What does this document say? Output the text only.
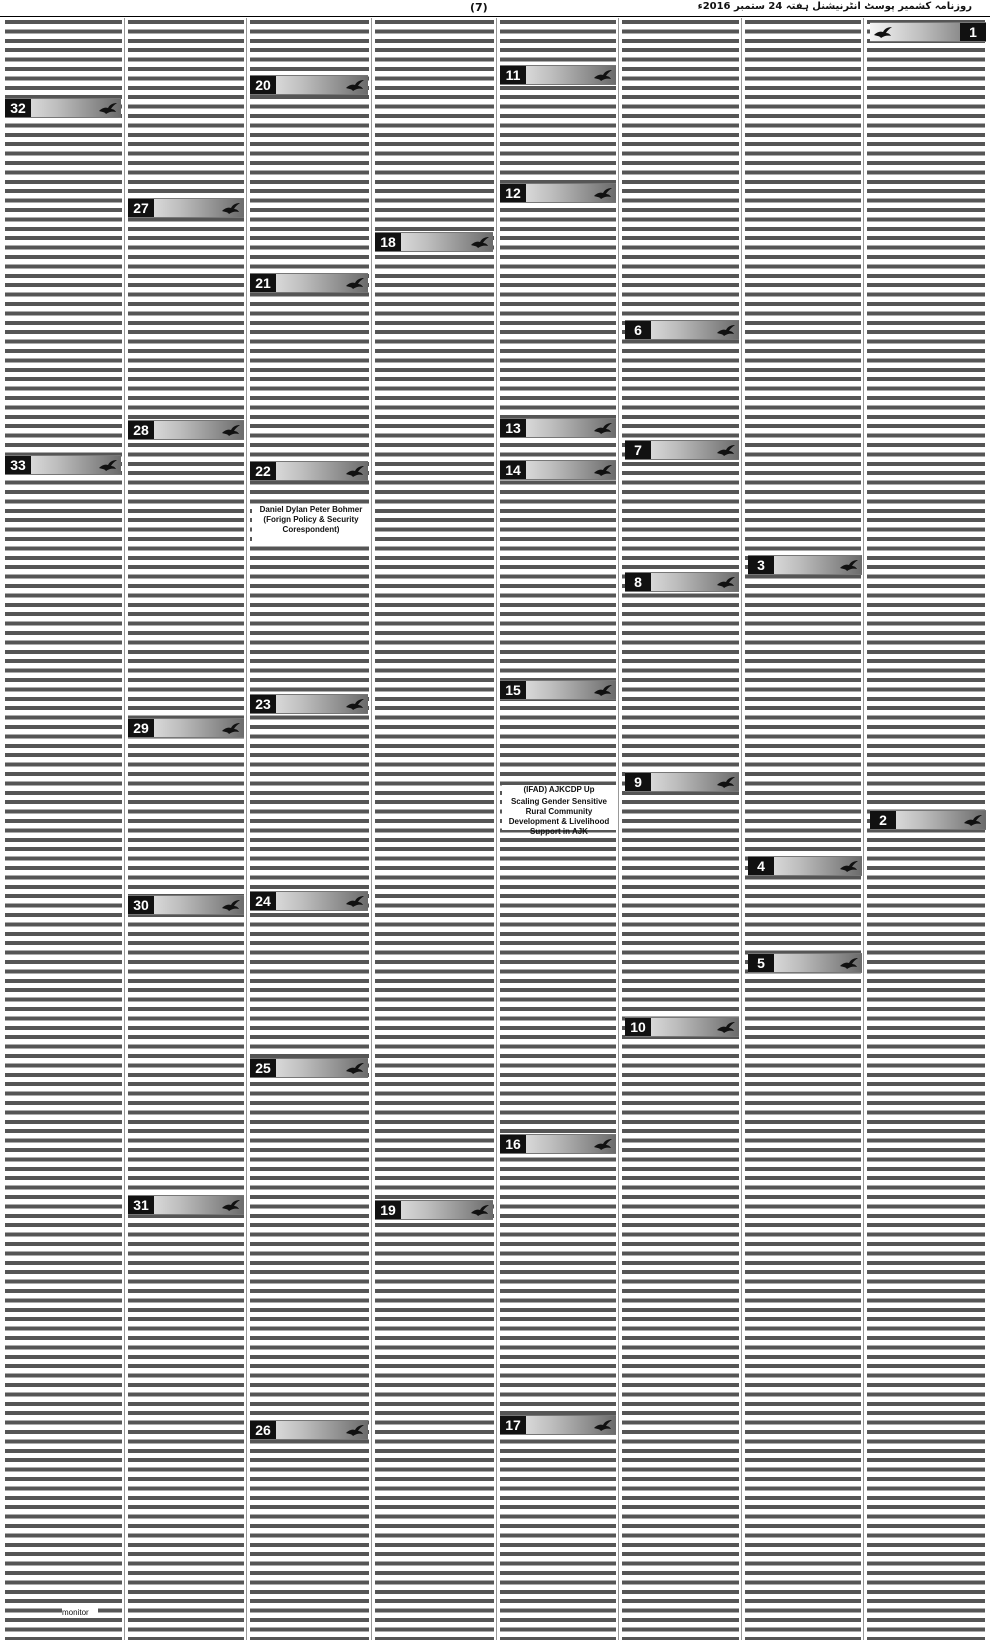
(7)	روزنامہ کشمیر پوسٹ انٹرنیشنل ہفتہ 24 ستمبر 2016ء
Daniel Dylan Peter Bohmer (Forign Policy & Security Corespondent)
(IFAD) AJKCDP Up
Scaling Gender Sensitive Rural Community Development & Livelihood Support in AJK
monitor
1
2
3
4
5
6
7
8
9
10
11
12
13
14
15
16
17
18
19
20
21
22
23
24
25
26
27
28
29
30
31
32
33
